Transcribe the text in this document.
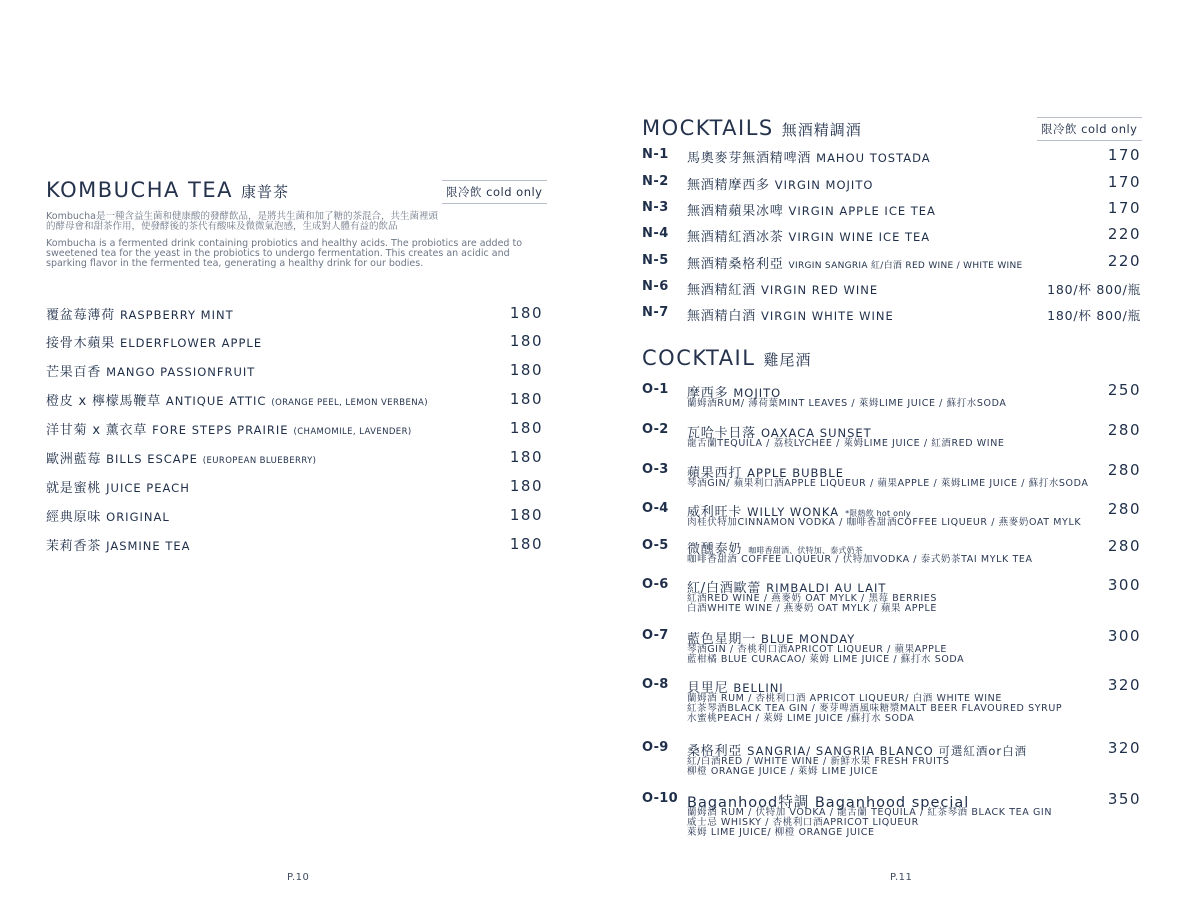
KOMBUCHA TEA 康普茶	限冷飲 cold only
Kombucha是一種含益生菌和健康酸的發酵飲品，是將共生菌和加了糖的茶混合，共生菌裡頭
的酵母會和甜茶作用，使發酵後的茶代有酸味及微微氣泡感，生成對人體有益的飲品
Kombucha is a fermented drink containing probiotics and healthy acids. The probiotics are added to
sweetened tea for the yeast in the probiotics to undergo fermentation. This creates an acidic and
sparking flavor in the fermented tea, generating a healthy drink for our bodies.
覆盆莓薄荷 RASPBERRY MINT	180
接骨木蘋果 ELDERFLOWER APPLE	180
芒果百香 MANGO PASSIONFRUIT	180
橙皮 x 檸檬馬鞭草 ANTIQUE ATTIC (ORANGE PEEL, LEMON VERBENA)	180
洋甘菊 x 薰衣草 FORE STEPS PRAIRIE (CHAMOMILE, LAVENDER)	180
歐洲藍莓 BILLS ESCAPE (EUROPEAN BLUEBERRY)	180
就是蜜桃 JUICE PEACH	180
經典原味 ORIGINAL	180
茉莉香茶 JASMINE TEA	180
P.10
MOCKTAILS 無酒精調酒	限冷飲 cold only
N-1 馬奧麥芽無酒精啤酒 MAHOU TOSTADA	170
N-2 無酒精摩西多 VIRGIN MOJITO	170
N-3 無酒精蘋果冰啤 VIRGIN APPLE ICE TEA	170
N-4 無酒精紅酒冰茶 VIRGIN WINE ICE TEA	220
N-5 無酒精桑格利亞 VIRGIN SANGRIA 紅/白酒 RED WINE / WHITE WINE	220
N-6 無酒精紅酒 VIRGIN RED WINE	180/杯 800/瓶
N-7 無酒精白酒 VIRGIN WHITE WINE	180/杯 800/瓶
COCKTAIL 雞尾酒
O-1 摩西多 MOJITO	250
蘭姆酒RUM/ 薄荷葉MINT LEAVES / 萊姆LIME JUICE / 蘇打水SODA
O-2 瓦哈卡日落 OAXACA SUNSET	280
龍舌蘭TEQUILA / 荔枝LYCHEE / 萊姆LIME JUICE / 紅酒RED WINE
O-3 蘋果西打 APPLE BUBBLE	280
琴酒GIN/ 蘋果利口酒APPLE LIQUEUR / 蘋果APPLE / 萊姆LIME JUICE / 蘇打水SODA
O-4 威利旺卡 WILLY WONKA *限熱飲 hot only	280
肉桂伏特加CINNAMON VODKA / 咖啡香甜酒COFFEE LIQUEUR / 燕麥奶OAT MYLK
O-5 微醺泰奶 咖啡香甜酒、伏特加、泰式奶茶	280
咖啡香甜酒 COFFEE LIQUEUR / 伏特加VODKA / 泰式奶茶TAI MYLK TEA
O-6 紅/白酒歐蕾 RIMBALDI AU LAIT	300
紅酒RED WINE / 燕麥奶 OAT MYLK / 黑莓 BERRIES
白酒WHITE WINE / 燕麥奶 OAT MYLK / 蘋果 APPLE
O-7 藍色星期一 BLUE MONDAY	300
琴酒GIN / 杏桃利口酒APRICOT LIQUEUR / 蘋果APPLE
藍柑橘 BLUE CURACAO/ 萊姆 LIME JUICE / 蘇打水 SODA
O-8 貝里尼 BELLINI	320
蘭姆酒 RUM / 杏桃利口酒 APRICOT LIQUEUR/ 白酒 WHITE WINE
紅茶琴酒BLACK TEA GIN / 麥芽啤酒風味糖漿MALT BEER FLAVOURED SYRUP
水蜜桃PEACH / 萊姆 LIME JUICE /蘇打水 SODA
O-9 桑格利亞 SANGRIA/ SANGRIA BLANCO 可選紅酒or白酒	320
紅/白酒RED / WHITE WINE / 新鮮水果 FRESH FRUITS
柳橙 ORANGE JUICE / 萊姆 LIME JUICE
O-10 Baganhood特調 Baganhood special	350
蘭姆酒 RUM / 伏特加 VODKA / 龍舌蘭 TEQUILA / 紅茶琴酒 BLACK TEA GIN
威士忌 WHISKY / 杏桃利口酒APRICOT LIQUEUR
萊姆 LIME JUICE/ 柳橙 ORANGE JUICE
P.11
